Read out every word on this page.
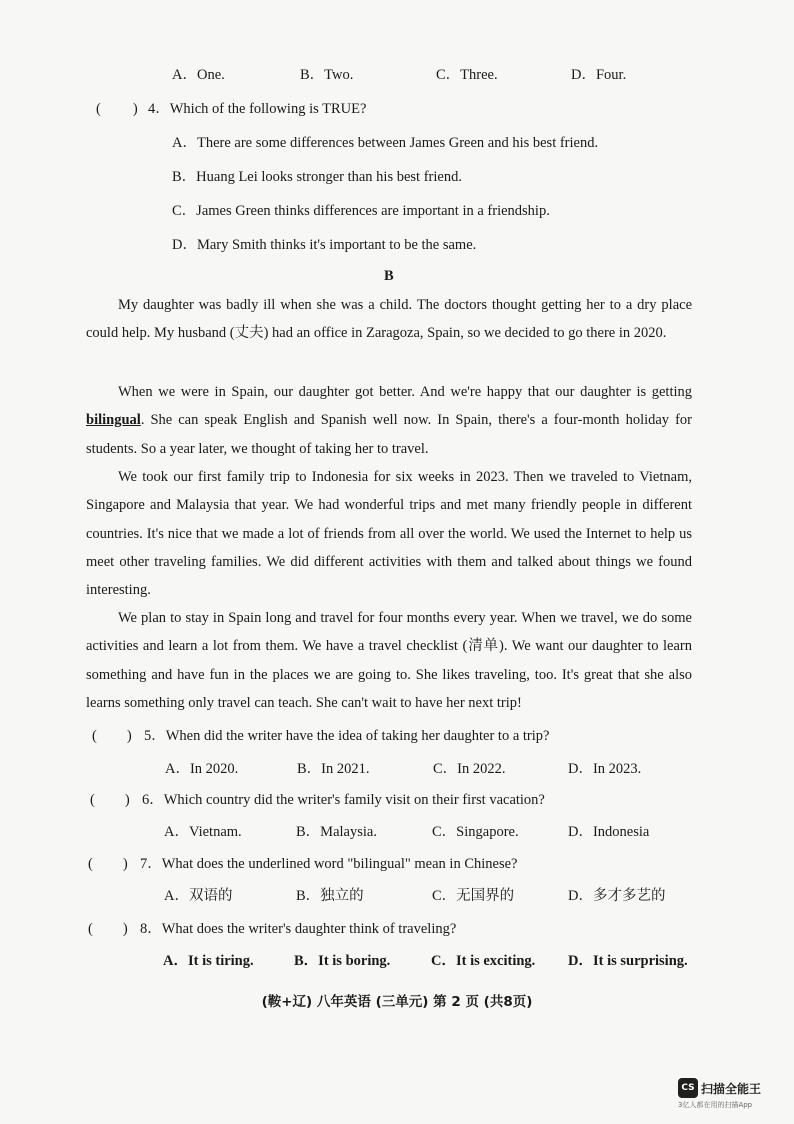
A．One.	B．Two.	C．Three.	D．Four.
( ) 4．Which of the following is TRUE?
A．There are some differences between James Green and his best friend.
B．Huang Lei looks stronger than his best friend.
C．James Green thinks differences are important in a friendship.
D．Mary Smith thinks it's important to be the same.
B
My daughter was badly ill when she was a child. The doctors thought getting her to a dry place could help. My husband (丈夫) had an office in Zaragoza, Spain, so we decided to go there in 2020.
When we were in Spain, our daughter got better. And we're happy that our daughter is getting bilingual. She can speak English and Spanish well now. In Spain, there's a four-month holiday for students. So a year later, we thought of taking her to travel.
We took our first family trip to Indonesia for six weeks in 2023. Then we traveled to Vietnam, Singapore and Malaysia that year. We had wonderful trips and met many friendly people in different countries. It's nice that we made a lot of friends from all over the world. We used the Internet to help us meet other traveling families. We did different activities with them and talked about things we found interesting.
We plan to stay in Spain long and travel for four months every year. When we travel, we do some activities and learn a lot from them. We have a travel checklist (清单). We want our daughter to learn something and have fun in the places we are going to. She likes traveling, too. It's great that she also learns something only travel can teach. She can't wait to have her next trip!
( ) 5．When did the writer have the idea of taking her daughter to a trip?
A．In 2020.	B．In 2021.	C．In 2022.	D．In 2023.
( ) 6．Which country did the writer's family visit on their first vacation?
A．Vietnam.	B．Malaysia.	C．Singapore.	D．Indonesia
( ) 7．What does the underlined word "bilingual" mean in Chinese?
A．双语的	B．独立的	C．无国界的	D．多才多艺的
( ) 8．What does the writer's daughter think of traveling?
A．It is tiring.	B．It is boring.	C．It is exciting. D．It is surprising.
(鞍+辽) 八年英语 (三单元) 第 2 页 (共8页)
CS 扫描全能王
3亿人都在用的扫描App
